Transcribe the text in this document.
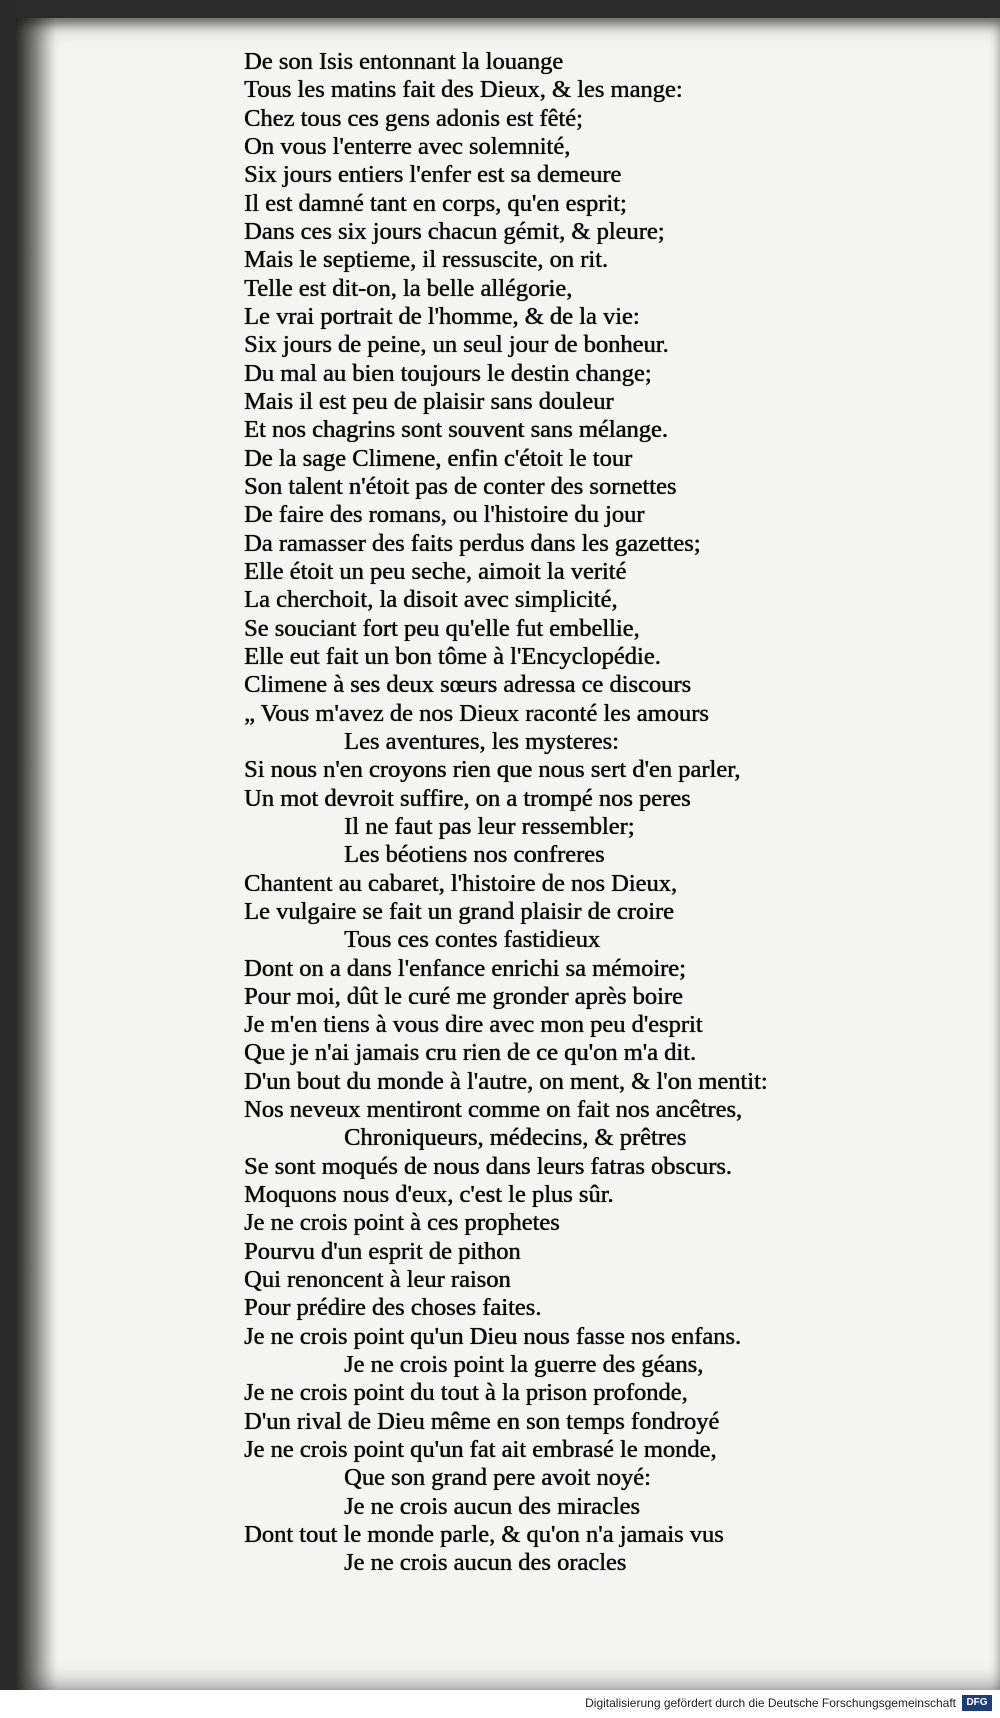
De son Isis entonnant la louange
Tous les matins fait des Dieux, & les mange:
Chez tous ces gens adonis est fêté;
On vous l'enterre avec solemnité,
Six jours entiers l'enfer est sa demeure
Il est damné tant en corps, qu'en esprit;
Dans ces six jours chacun gémit, & pleure;
Mais le septieme, il ressuscite, on rit.
Telle est dit-on, la belle allégorie,
Le vrai portrait de l'homme, & de la vie:
Six jours de peine, un seul jour de bonheur.
Du mal au bien toujours le destin change;
Mais il est peu de plaisir sans douleur
Et nos chagrins sont souvent sans mélange.
De la sage Climene, enfin c'étoit le tour
Son talent n'étoit pas de conter des sornettes
De faire des romans, ou l'histoire du jour
Da ramasser des faits perdus dans les gazettes;
Elle étoit un peu seche, aimoit la verité
La cherchoit, la disoit avec simplicité,
Se souciant fort peu qu'elle fut embellie,
Elle eut fait un bon tôme à l'Encyclopédie.
Climene à ses deux sœurs adressa ce discours
„ Vous m'avez de nos Dieux raconté les amours
Les aventures, les mysteres:
Si nous n'en croyons rien que nous sert d'en parler,
Un mot devroit suffire, on a trompé nos peres
Il ne faut pas leur ressembler;
Les béotiens nos confreres
Chantent au cabaret, l'histoire de nos Dieux,
Le vulgaire se fait un grand plaisir de croire
Tous ces contes fastidieux
Dont on a dans l'enfance enrichi sa mémoire;
Pour moi, dût le curé me gronder après boire
Je m'en tiens à vous dire avec mon peu d'esprit
Que je n'ai jamais cru rien de ce qu'on m'a dit.
D'un bout du monde à l'autre, on ment, & l'on mentit:
Nos neveux mentiront comme on fait nos ancêtres,
Chroniqueurs, médecins, & prêtres
Se sont moqués de nous dans leurs fatras obscurs.
Moquons nous d'eux, c'est le plus sûr.
Je ne crois point à ces prophetes
Pourvu d'un esprit de pithon
Qui renoncent à leur raison
Pour prédire des choses faites.
Je ne crois point qu'un Dieu nous fasse nos enfans.
Je ne crois point la guerre des géans,
Je ne crois point du tout à la prison profonde,
D'un rival de Dieu même en son temps fondroyé
Je ne crois point qu'un fat ait embrasé le monde,
Que son grand pere avoit noyé:
Je ne crois aucun des miracles
Dont tout le monde parle, & qu'on n'a jamais vus
Je ne crois aucun des oracles
Digitalisierung gefördert durch die Deutsche Forschungsgemeinschaft	DFG
